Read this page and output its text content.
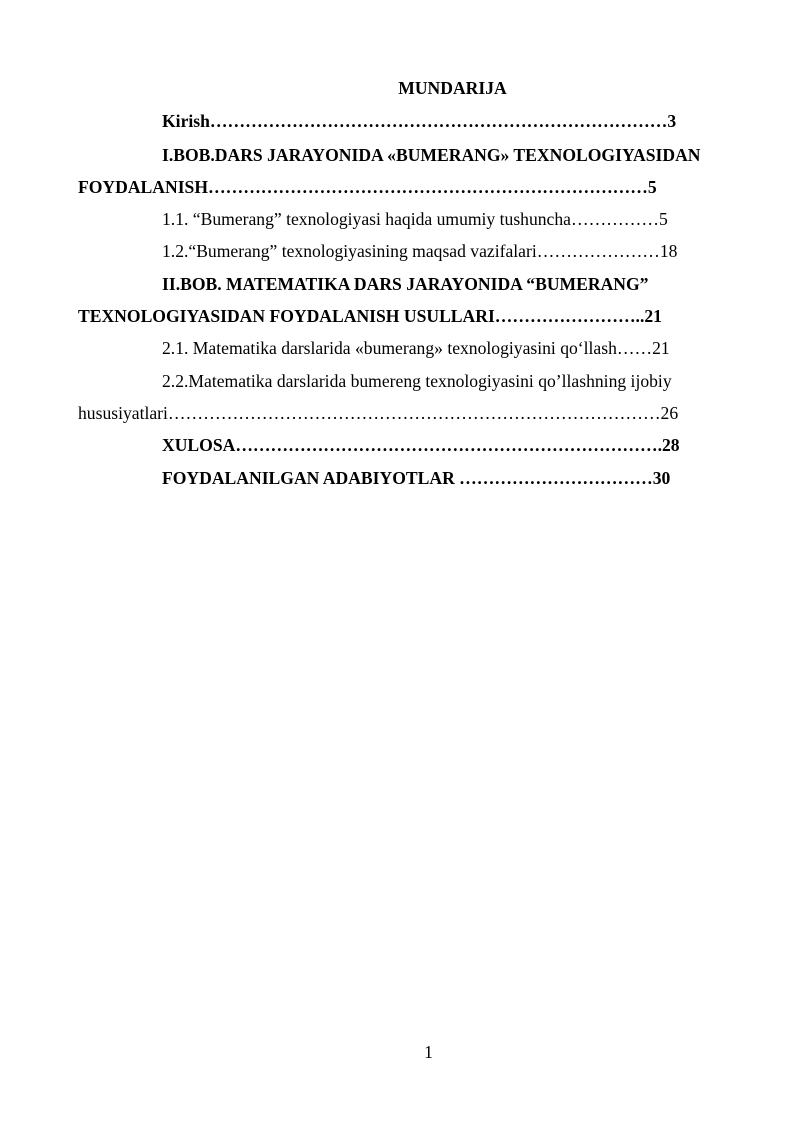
MUNDARIJA
Kirish……………………………………………………………………3
I.BOB.DARS JARAYONIDA «BUMERANG» TEXNOLOGIYASIDAN
FOYDALANISH…………………………………………………………………5
1.1. “Bumerang” texnologiyasi haqida umumiy tushuncha……………5
1.2.“Bumerang” texnologiyasining maqsad vazifalari…………………18
II.BOB. MATEMATIKA DARS JARAYONIDA “BUMERANG”
TEXNOLOGIYASIDAN FOYDALANISH USULLARI……………………..21
2.1. Matematika darslarida «bumerang» texnologiyasini qo‘llash……21
2.2.Matematika darslarida bumereng texnologiyasini qo’llashning ijobiy
hususiyatlari…………………………………………………………………………26
XULOSA……………………………………………………………….28
FOYDALANILGAN ADABIYOTLAR ……………………………30
1
